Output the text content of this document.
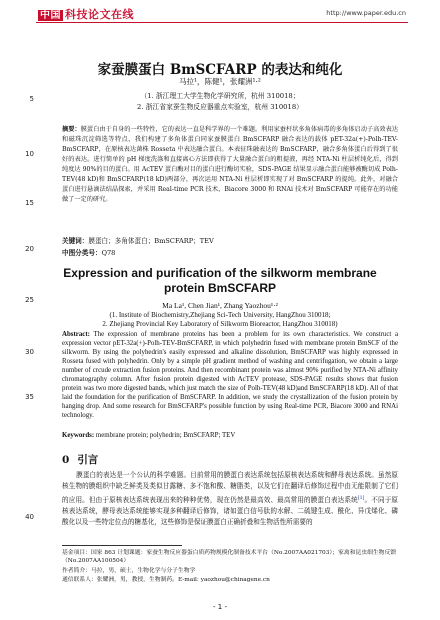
中国 科技论文在线	http://www.paper.edu.cn
5
10
15
20
25
30
35
40
家蚕膜蛋白 BmSCFARP 的表达和纯化
马拉¹，陈健¹，张耀洲¹·²
（1. 浙江理工大学生物化学研究所，杭州 310018；
2. 浙江省家蚕生物反应器重点实验室，杭州 310018）
摘要：膜蛋白由于自身的一些特性，它的表达一直是科学界的一个难题。利用家蚕杆状多角体病毒的多角体启动子高效表达和磁珠沉淀筛选等特点，我们构建了多角体蛋白同家蚕膜蛋白 BmSCFARP 融合表达的载体 pET-32a(+)-Polh-TEV-BmSCFARP，在原核表达菌株 Rosseta 中表达融合蛋白。本表征珠融表达的 BmSCFARP，融合多角体蛋白后得到了很好的表达。进行简单的 pH 梯度洗涤和直接离心方法即获得了大量融合蛋白的粗提液，再经 NTA-Ni 柱层析纯化后，得到纯度达 90%的目的蛋白。用 AcTEV 蛋白酶对目的蛋白进行酶切实验，SDS-PAGE 结果显示融合蛋白能够被酶切成 Polh-TEV(48 kD)和 BmSCFARP(18 kD)两部分，再次运用 NTA-Ni 柱层析即实现了对 BmSCFARP 的提纯。此外，对融合蛋白进行悬滴法结晶探索，并采用 Real-time PCR 技术，Biacore 3000 和 RNAi 技术对 BmSCFARP 可能存在的功能做了一定的研究。
关键词：膜蛋白；多角体蛋白；BmSCFARP；TEV
中图分类号：Q78
Expression and purification of the silkworm membrane
protein BmSCFARP
Ma La¹, Chen Jian¹, Zhang Yaozhou¹·²
(1. Institute of Biochemistry,Zhejiang Sci-Tech University, HangZhou 310018;
2. Zhejiang Provincial Key Laboratory of Silkworm Bioreactor, HangZhou 310018)
Abstract: The expression of membrane proteins has been a problem for its own characteristics. We construct a expression vector pET-32a(+)-Polh-TEV-BmSCFARP, in which polyhedrin fused with membrane protein BmSCF of the silkworm. By using the polyhedrin's easily expressed and alkaline dissolution, BmSCFARP was highly expressed in Rosseta fused with polyhedrin. Only by a simple pH gradient method of washing and centrifugation, we obtain a large number of crcude extraction fusion proteins. And then recombinant protein was almost 90% purified by NTA-Ni affinity chromatography column. After fusion protein digested with AcTEV protease, SDS-PAGE results shows that fusion protein was two more digested bands, which just match the size of Polh-TEV(48 kD)and BmSCFARP(18 kD). All of that laid the foundation for the purification of BmSCFARP. In addition, we study the crystallization of the fusion protein by hanging drop. And some research for BmSCFARP's possible function by using Real-time PCR, Biacore 3000 and RNAi technology.
Keywords: membrane protein; polyhedrin; BmSCFARP; TEV
0 引言
膜蛋白的表达是一个公认的科学难题。目前常用的膜蛋白表达系统包括原核表达系统和酵母表达系统。虽然原核生物的膜组织中缺乏鲜类及类似甘露糖、多不饱和酸、糖脂类，以及它们在翻译后修饰过程中由无能限制了它们的应用。但由于原核表达系统表现出来的种种优势，现在仍然是最高效、最高常用的膜蛋白表达系统[1]。不同于原核表达系统，酵母表达系统能够实现多种翻译后修饰，诸如蛋白信号肽的水解、二硫键生成、酰化、异戊烯化、磷酸化以及一些特定位点的糖基化，这些修饰是保证膜蛋白正确折叠和生物活性所需要的
基金项目：国家 863 计划课题：家蚕生物反应器蛋白质药物规模化制备技术平台（No.2007AA021703）；家禽和昆虫细生物反馈（No.2007AA100504）
作者简介：马拉，男，硕士，生物化学与分子生物学
通信联系人：张耀洲，男，教授，生物制药。E-mail: yaozhou@chinagene.cn
- 1 -
